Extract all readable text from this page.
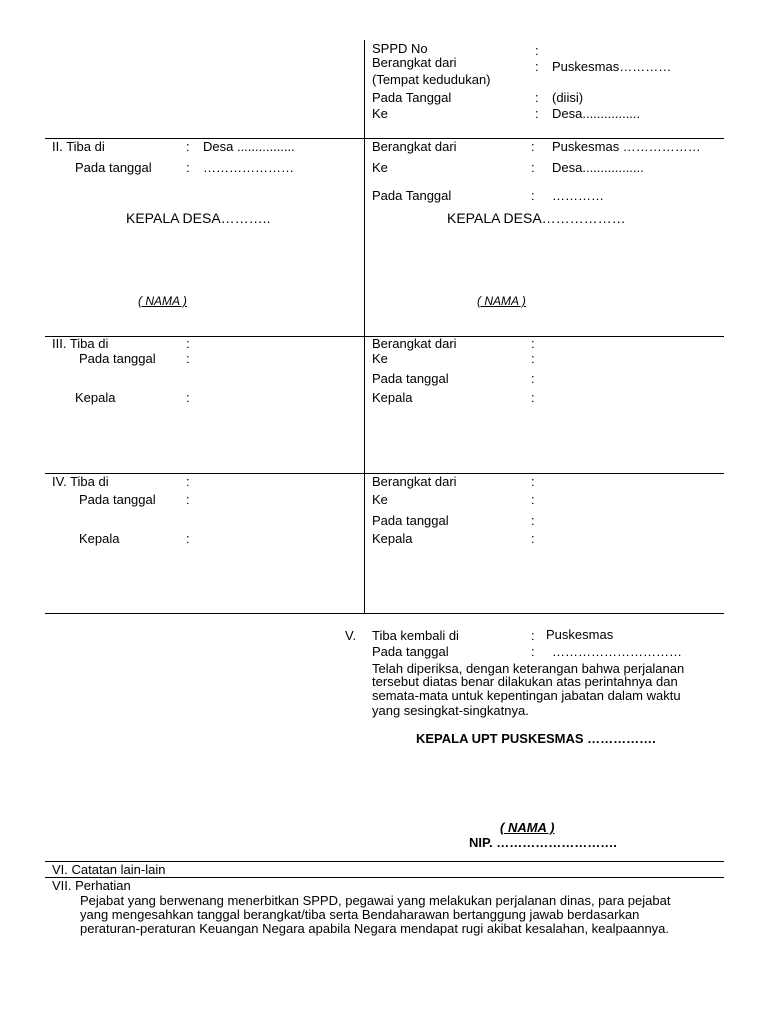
SPPD No	:
Berangkat dari	: Puskesmas…………
(Tempat kedudukan)
Pada Tanggal	: (diisi)
Ke	: Desa................
II. Tiba di	: Desa ................
Pada tanggal	: …………………
Berangkat dari	: Puskesmas ………………
Ke	: Desa.................
Pada Tanggal	: …………
KEPALA DESA………..	KEPALA DESA………………
( NAMA )	( NAMA )
III. Tiba di	:
Pada tanggal :
Kepala	:
Berangkat dari	:
Ke	:
Pada tanggal	:
Kepala	:
IV. Tiba di	:
Pada tanggal :
Kepala	:
Berangkat dari	:
Ke	:
Pada tanggal	:
Kepala	:
V. Tiba kembali di	: Puskesmas
Pada tanggal	: …………………………
Telah diperiksa, dengan keterangan bahwa perjalanan
tersebut diatas benar dilakukan atas perintahnya dan
semata-mata untuk kepentingan jabatan dalam waktu
yang sesingkat-singkatnya.
KEPALA UPT PUSKESMAS …………….
( NAMA )
NIP. ……………………….
VI. Catatan lain-lain
VII. Perhatian
Pejabat yang berwenang menerbitkan SPPD, pegawai yang melakukan perjalanan dinas, para pejabat
yang mengesahkan tanggal berangkat/tiba serta Bendaharawan bertanggung jawab berdasarkan
peraturan-peraturan Keuangan Negara apabila Negara mendapat rugi akibat kesalahan, kealpaannya.
